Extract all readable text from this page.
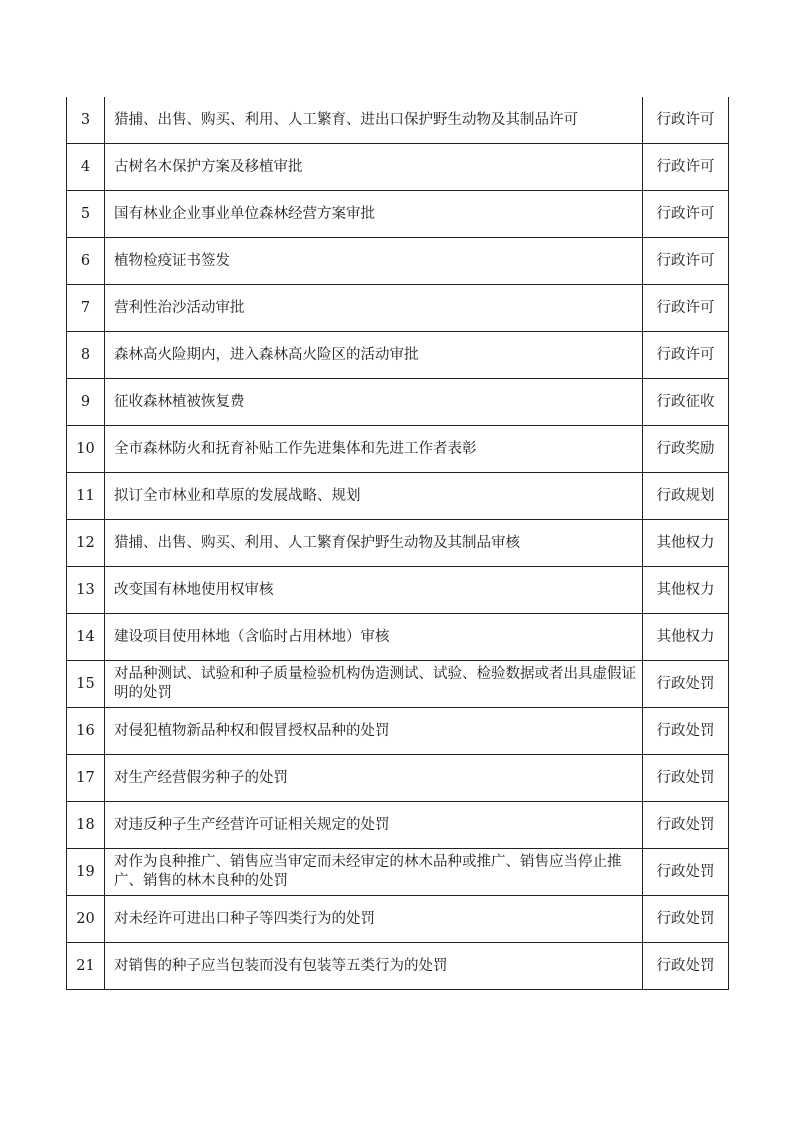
3	猎捕、出售、购买、利用、人工繁育、进出口保护野生动物及其制品许可	行政许可
4	古树名木保护方案及移植审批	行政许可
5	国有林业企业事业单位森林经营方案审批	行政许可
6	植物检疫证书签发	行政许可
7	营利性治沙活动审批	行政许可
8	森林高火险期内，进入森林高火险区的活动审批	行政许可
9	征收森林植被恢复费	行政征收
10	全市森林防火和抚育补贴工作先进集体和先进工作者表彰	行政奖励
11	拟订全市林业和草原的发展战略、规划	行政规划
12	猎捕、出售、购买、利用、人工繁育保护野生动物及其制品审核	其他权力
13	改变国有林地使用权审核	其他权力
14	建设项目使用林地（含临时占用林地）审核	其他权力
15	对品种测试、试验和种子质量检验机构伪造测试、试验、检验数据或者出具虚假证明的处罚	行政处罚
16	对侵犯植物新品种权和假冒授权品种的处罚	行政处罚
17	对生产经营假劣种子的处罚	行政处罚
18	对违反种子生产经营许可证相关规定的处罚	行政处罚
19	对作为良种推广、销售应当审定而未经审定的林木品种或推广、销售应当停止推广、销售的林木良种的处罚	行政处罚
20	对未经许可进出口种子等四类行为的处罚	行政处罚
21	对销售的种子应当包装而没有包装等五类行为的处罚	行政处罚
